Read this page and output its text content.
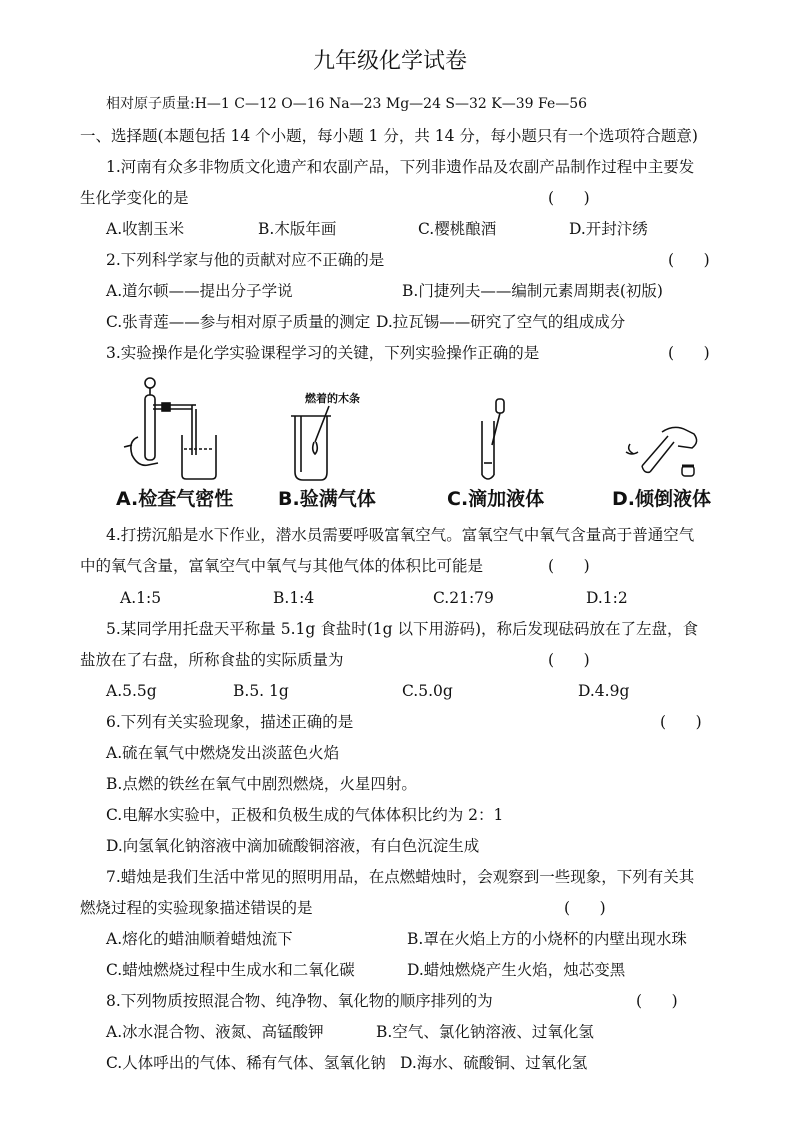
九年级化学试卷
相对原子质量:H—1 C—12 O—16 Na—23 Mg—24 S—32 K—39 Fe—56
一、选择题(本题包括 14 个小题，每小题 1 分，共 14 分，每小题只有一个选项符合题意)
1.河南有众多非物质文化遗产和农副产品，下列非遗作品及农副产品制作过程中主要发
生化学变化的是	(      )
A.收割玉米	B.木版年画	C.樱桃酿酒	D.开封汴绣
2.下列科学家与他的贡献对应不正确的是	(      )
A.道尔顿——提出分子学说	B.门捷列夫——编制元素周期表(初版)
C.张青莲——参与相对原子质量的测定 D.拉瓦锡——研究了空气的组成成分
3.实验操作是化学实验课程学习的关键，下列实验操作正确的是	(      )
A.检查气密性
燃着的木条
B.验满气体	C.滴加液体	D.倾倒液体
4.打捞沉船是水下作业，潜水员需要呼吸富氧空气。富氧空气中氧气含量高于普通空气
中的氧气含量，富氧空气中氧气与其他气体的体积比可能是	(      )
A.1:5	B.1:4	C.21:79	D.1:2
5.某同学用托盘天平称量 5.1g 食盐时(1g 以下用游码)，称后发现砝码放在了左盘，食
盐放在了右盘，所称食盐的实际质量为	(      )
A.5.5g	B.5. 1g	C.5.0g	D.4.9g
6.下列有关实验现象，描述正确的是	(      )
A.硫在氧气中燃烧发出淡蓝色火焰
B.点燃的铁丝在氧气中剧烈燃烧，火星四射。
C.电解水实验中，正极和负极生成的气体体积比约为 2：1
D.向氢氧化钠溶液中滴加硫酸铜溶液，有白色沉淀生成
7.蜡烛是我们生活中常见的照明用品，在点燃蜡烛时，会观察到一些现象，下列有关其
燃烧过程的实验现象描述错误的是	(      )
A.熔化的蜡油顺着蜡烛流下	B.罩在火焰上方的小烧杯的内壁出现水珠
C.蜡烛燃烧过程中生成水和二氧化碳	D.蜡烛燃烧产生火焰，烛芯变黑
8.下列物质按照混合物、纯净物、氧化物的顺序排列的为	(      )
A.冰水混合物、液氮、高锰酸钾	B.空气、氯化钠溶液、过氧化氢
C.人体呼出的气体、稀有气体、氢氧化钠 D.海水、硫酸铜、过氧化氢
